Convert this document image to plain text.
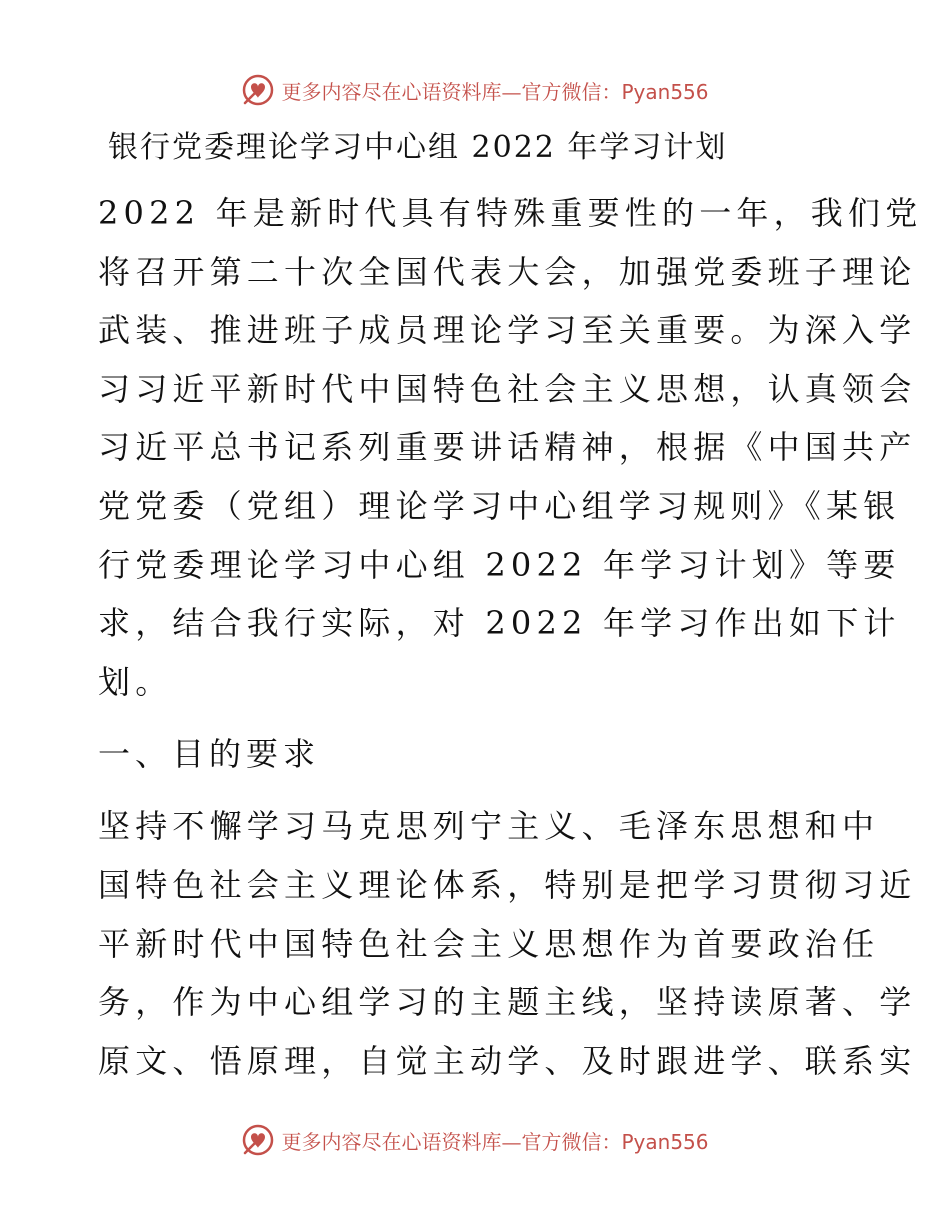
更多内容尽在心语资料库—官方微信：Pyan556
银行党委理论学习中心组 2022 年学习计划

2022 年是新时代具有特殊重要性的一年，我们党
将召开第二十次全国代表大会，加强党委班子理论
武装、推进班子成员理论学习至关重要。为深入学
习习近平新时代中国特色社会主义思想，认真领会
习近平总书记系列重要讲话精神，根据《中国共产
党党委（党组）理论学习中心组学习规则》《某银
行党委理论学习中心组 2022 年学习计划》等要
求，结合我行实际，对 2022 年学习作出如下计
划。

一、目的要求

坚持不懈学习马克思列宁主义、毛泽东思想和中
国特色社会主义理论体系，特别是把学习贯彻习近
平新时代中国特色社会主义思想作为首要政治任
务，作为中心组学习的主题主线，坚持读原著、学
原文、悟原理，自觉主动学、及时跟进学、联系实

更多内容尽在心语资料库—官方微信：Pyan556
